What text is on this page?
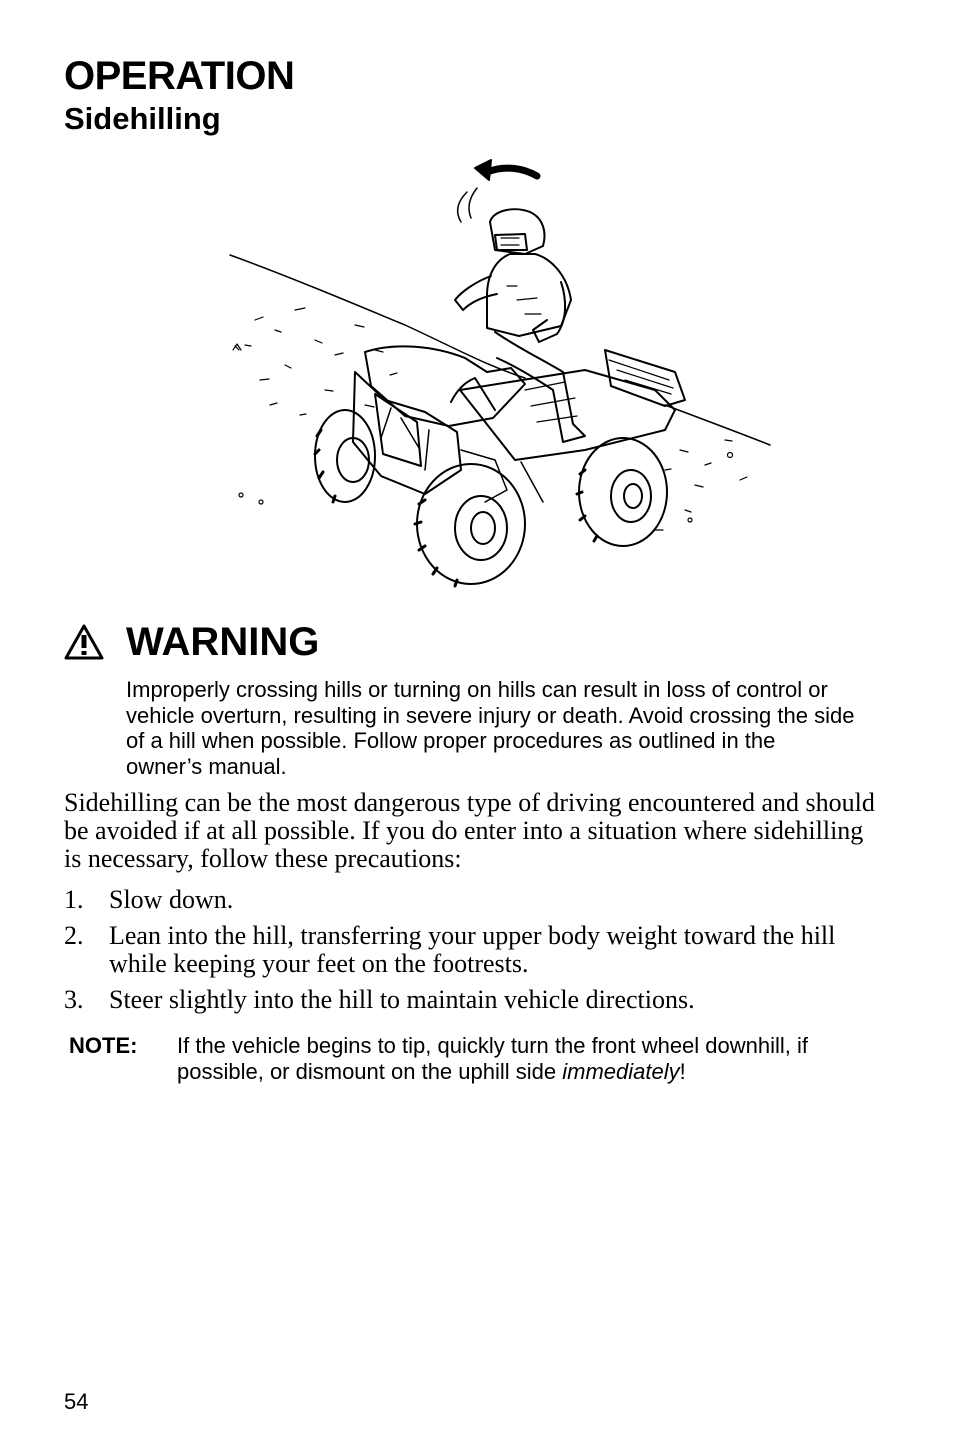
OPERATION
Sidehilling
WARNING

Improperly crossing hills or turning on hills can result in loss of control or vehicle overturn, resulting in severe injury or death. Avoid crossing the side of a hill when possible. Follow proper procedures as outlined in the owner’s manual.

Sidehilling can be the most dangerous type of driving encountered and should be avoided if at all possible. If you do enter into a situation where sidehilling is necessary, follow these precautions:

1. Slow down.
2. Lean into the hill, transferring your upper body weight toward the hill while keeping your feet on the footrests.
3. Steer slightly into the hill to maintain vehicle directions.
NOTE:	If the vehicle begins to tip, quickly turn the front wheel downhill, if possible, or dismount on the uphill side immediately!

54
